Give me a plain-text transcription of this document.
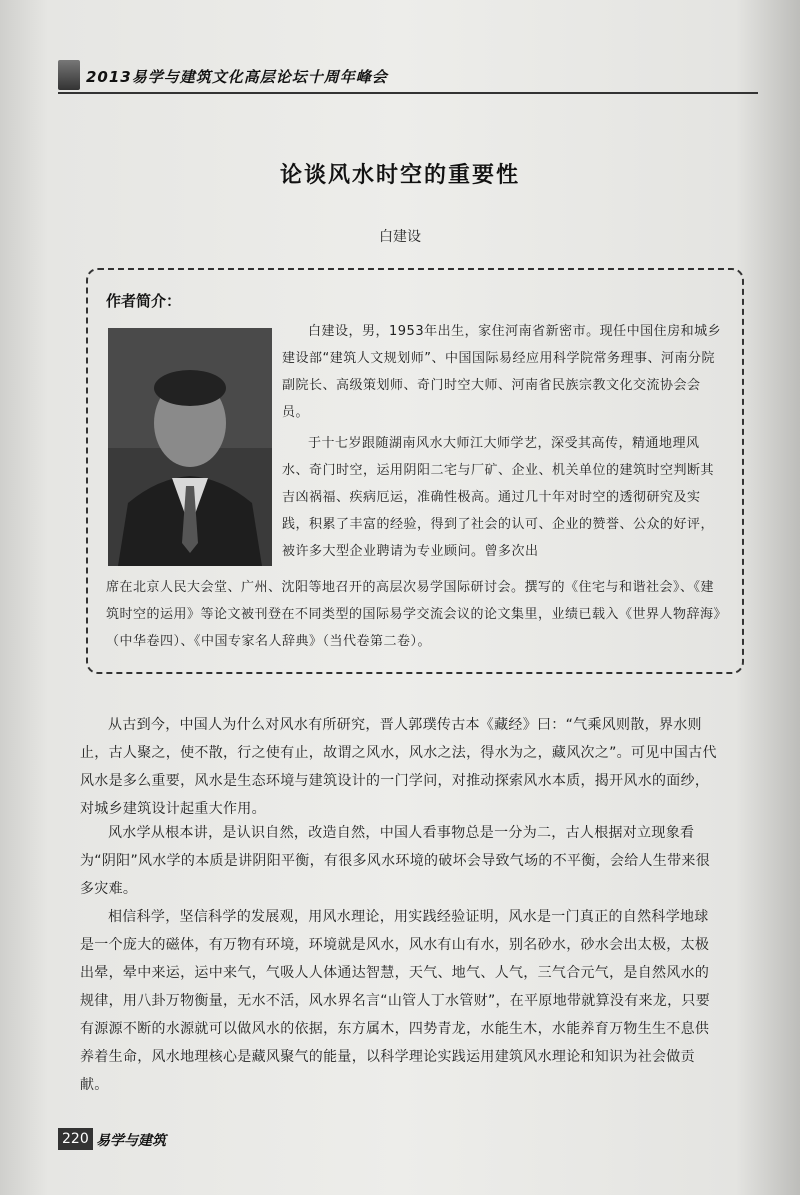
2013易学与建筑文化高层论坛十周年峰会
论谈风水时空的重要性
白建设
作者简介：
白建设，男，1953年出生，家住河南省新密市。现任中国住房和城乡建设部“建筑人文规划师”、中国国际易经应用科学院常务理事、河南分院副院长、高级策划师、奇门时空大师、河南省民族宗教文化交流协会会员。
于十七岁跟随湖南风水大师江大师学艺，深受其高传，精通地理风水、奇门时空，运用阴阳二宅与厂矿、企业、机关单位的建筑时空判断其吉凶祸福、疾病厄运，准确性极高。通过几十年对时空的透彻研究及实践，积累了丰富的经验，得到了社会的认可、企业的赞誉、公众的好评，被许多大型企业聘请为专业顾问。曾多次出
席在北京人民大会堂、广州、沈阳等地召开的高层次易学国际研讨会。撰写的《住宅与和谐社会》、《建筑时空的运用》等论文被刊登在不同类型的国际易学交流会议的论文集里，业绩已载入《世界人物辞海》（中华卷四）、《中国专家名人辞典》（当代卷第二卷）。
从古到今，中国人为什么对风水有所研究，晋人郭璞传古本《藏经》曰：“气乘风则散，界水则止，古人聚之，使不散，行之使有止，故谓之风水，风水之法，得水为之，藏风次之”。可见中国古代风水是多么重要，风水是生态环境与建筑设计的一门学问，对推动探索风水本质，揭开风水的面纱，对城乡建筑设计起重大作用。
风水学从根本讲，是认识自然，改造自然，中国人看事物总是一分为二，古人根据对立现象看为“阴阳”风水学的本质是讲阴阳平衡，有很多风水环境的破坏会导致气场的不平衡，会给人生带来很多灾难。
相信科学，坚信科学的发展观，用风水理论，用实践经验证明，风水是一门真正的自然科学地球是一个庞大的磁体，有万物有环境，环境就是风水，风水有山有水，别名砂水，砂水会出太极，太极出晕，晕中来运，运中来气，气吸人人体通达智慧，天气、地气、人气，三气合元气，是自然风水的规律，用八卦万物衡量，无水不活，风水界名言“山管人丁水管财”，在平原地带就算没有来龙，只要有源源不断的水源就可以做风水的依据，东方属木，四势青龙，水能生木，水能养育万物生生不息供养着生命，风水地理核心是藏风聚气的能量，以科学理论实践运用建筑风水理论和知识为社会做贡献。
220 易学与建筑
